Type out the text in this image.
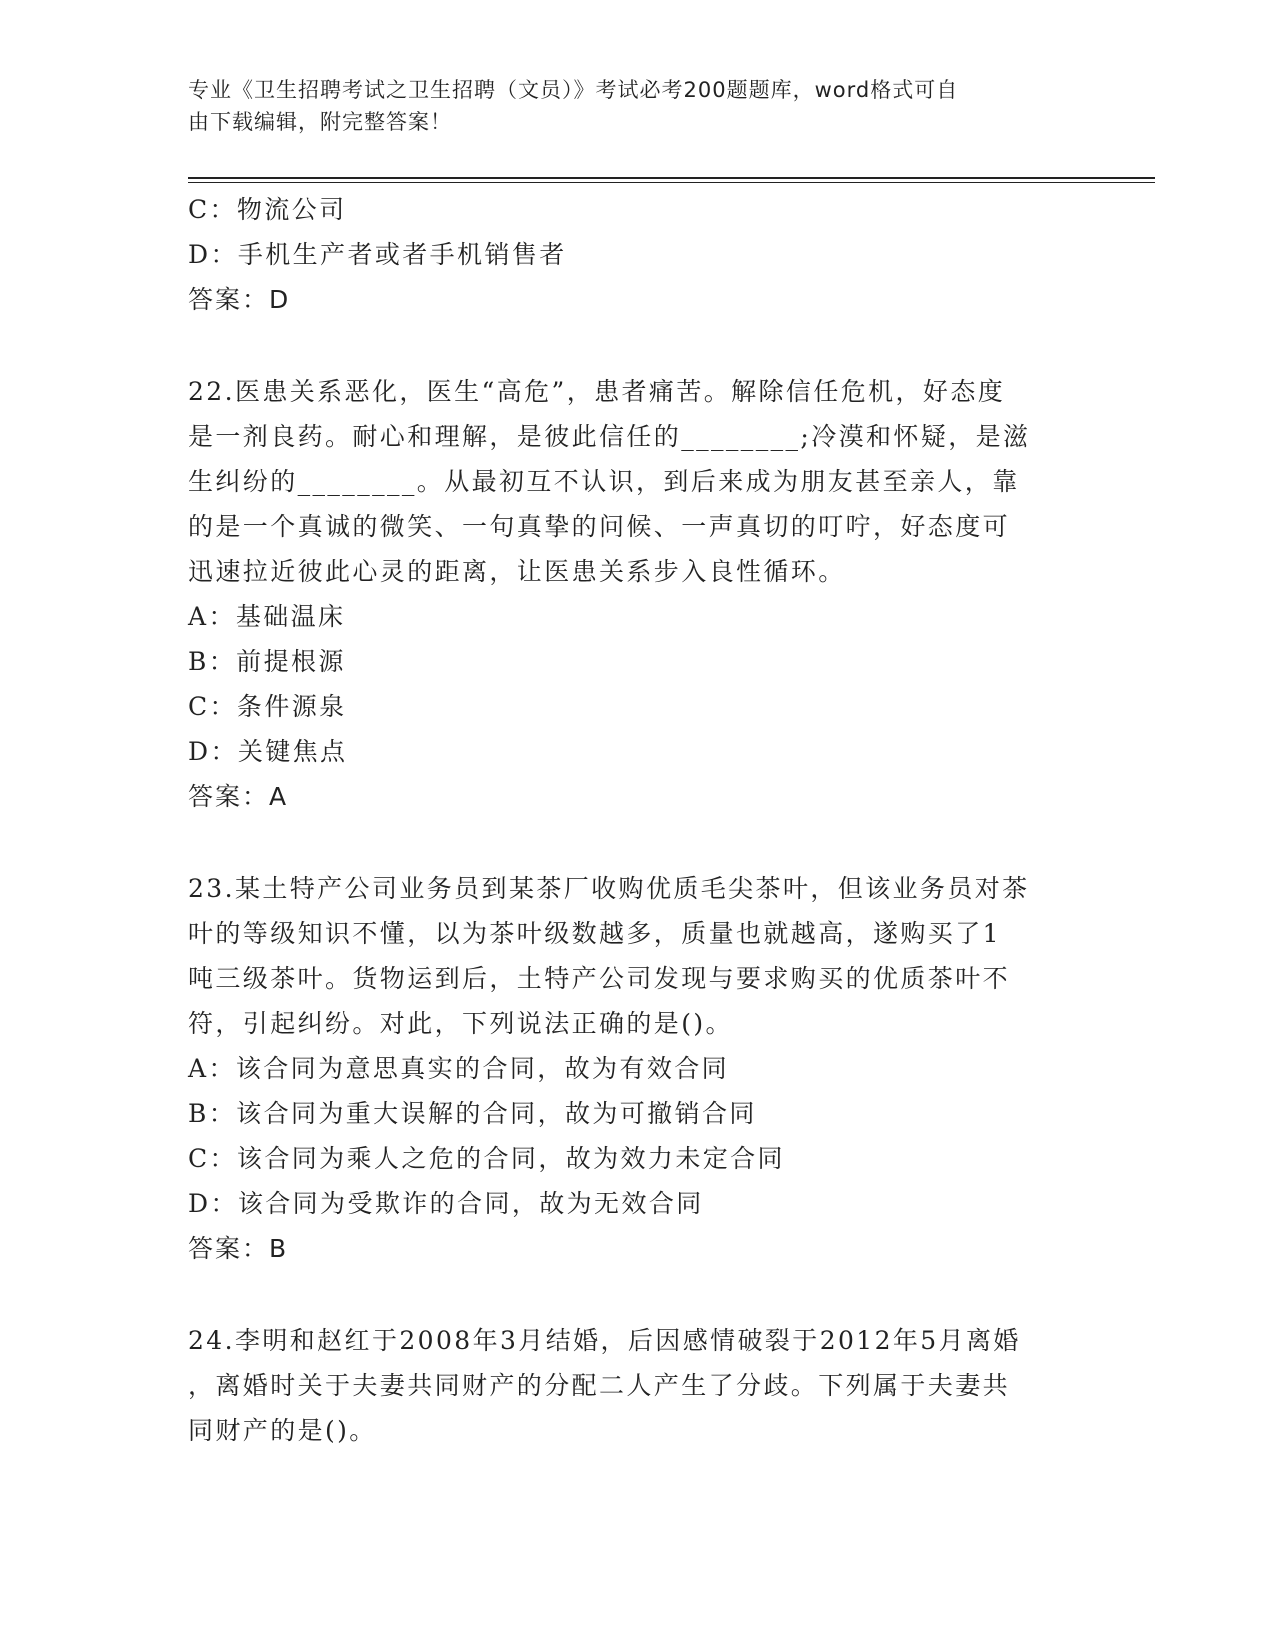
专业《卫生招聘考试之卫生招聘（文员）》考试必考200题题库，word格式可自
由下载编辑，附完整答案！
C：物流公司
D：手机生产者或者手机销售者
答案：D
22.医患关系恶化，医生“高危”，患者痛苦。解除信任危机，好态度
是一剂良药。耐心和理解，是彼此信任的________;冷漠和怀疑，是滋
生纠纷的________。从最初互不认识，到后来成为朋友甚至亲人，靠
的是一个真诚的微笑、一句真挚的问候、一声真切的叮咛，好态度可
迅速拉近彼此心灵的距离，让医患关系步入良性循环。
A：基础温床
B：前提根源
C：条件源泉
D：关键焦点
答案：A
23.某土特产公司业务员到某茶厂收购优质毛尖茶叶，但该业务员对茶
叶的等级知识不懂，以为茶叶级数越多，质量也就越高，遂购买了1
吨三级茶叶。货物运到后，土特产公司发现与要求购买的优质茶叶不
符，引起纠纷。对此，下列说法正确的是()。
A：该合同为意思真实的合同，故为有效合同
B：该合同为重大误解的合同，故为可撤销合同
C：该合同为乘人之危的合同，故为效力未定合同
D：该合同为受欺诈的合同，故为无效合同
答案：B
24.李明和赵红于2008年3月结婚，后因感情破裂于2012年5月离婚
，离婚时关于夫妻共同财产的分配二人产生了分歧。下列属于夫妻共
同财产的是()。
